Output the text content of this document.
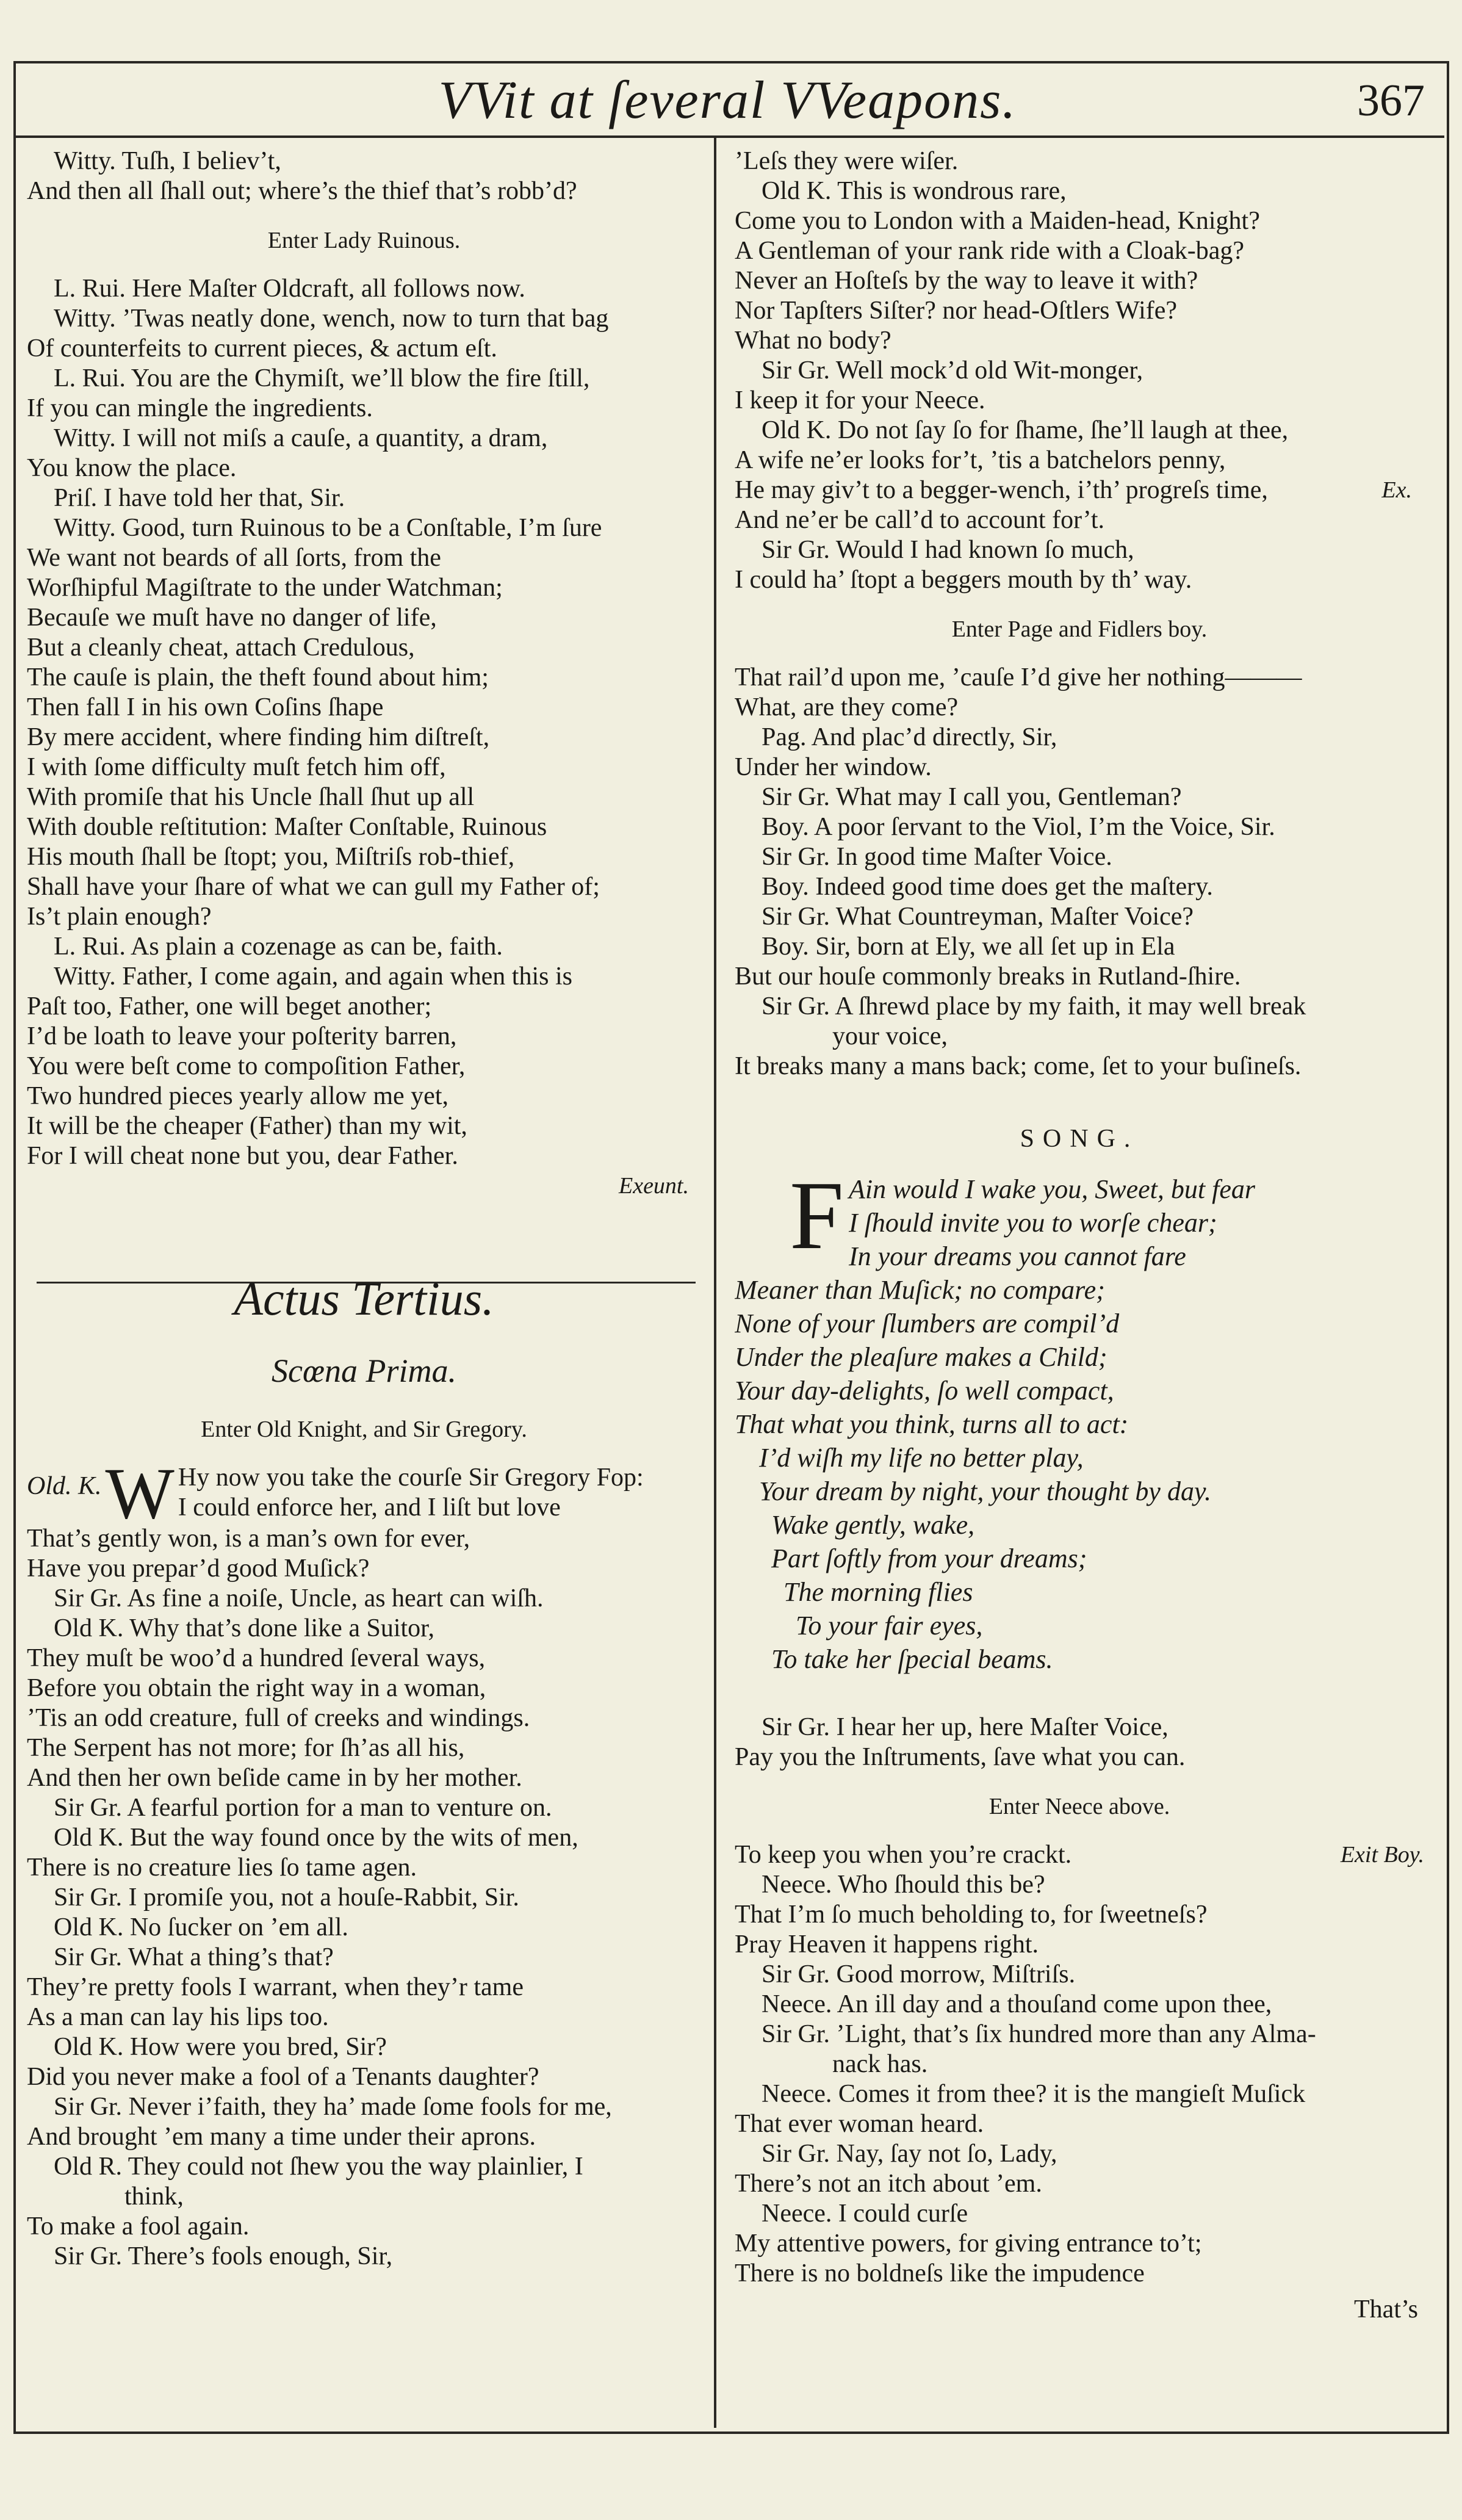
VVit at ſeveral VVeapons.	367
Witty. Tuſh, I believ’t,
And then all ſhall out; where’s the thief that’s robb’d?
Enter Lady Ruinous.
L. Rui. Here Maſter Oldcraft, all follows now.
Witty. ’Twas neatly done, wench, now to turn that bag
Of counterfeits to current pieces, & actum eſt.
L. Rui. You are the Chymiſt, we’ll blow the fire ſtill,
If you can mingle the ingredients.
Witty. I will not miſs a cauſe, a quantity, a dram,
You know the place.
Priſ. I have told her that, Sir.
Witty. Good, turn Ruinous to be a Conſtable, I’m ſure
We want not beards of all ſorts, from the
Worſhipful Magiſtrate to the under Watchman;
Becauſe we muſt have no danger of life,
But a cleanly cheat, attach Credulous,
The cauſe is plain, the theft found about him;
Then fall I in his own Coſins ſhape
By mere accident, where finding him diſtreſt,
I with ſome difficulty muſt fetch him off,
With promiſe that his Uncle ſhall ſhut up all
With double reſtitution: Maſter Conſtable, Ruinous
His mouth ſhall be ſtopt; you, Miſtriſs rob-thief,
Shall have your ſhare of what we can gull my Father of;
Is’t plain enough?
L. Rui. As plain a cozenage as can be, faith.
Witty. Father, I come again, and again when this is
Paſt too, Father, one will beget another;
I’d be loath to leave your poſterity barren,
You were beſt come to compoſition Father,
Two hundred pieces yearly allow me yet,
It will be the cheaper (Father) than my wit,
For I will cheat none but you, dear Father.
Exeunt.
Actus Tertius.
Scœna Prima.
Enter Old Knight, and Sir Gregory.
Old. K. W Hy now you take the courſe Sir Gregory Fop:
I could enforce her, and I liſt but love
That’s gently won, is a man’s own for ever,
Have you prepar’d good Muſick?
Sir Gr. As fine a noiſe, Uncle, as heart can wiſh.
Old K. Why that’s done like a Suitor,
They muſt be woo’d a hundred ſeveral ways,
Before you obtain the right way in a woman,
’Tis an odd creature, full of creeks and windings.
The Serpent has not more; for ſh’as all his,
And then her own beſide came in by her mother.
Sir Gr. A fearful portion for a man to venture on.
Old K. But the way found once by the wits of men,
There is no creature lies ſo tame agen.
Sir Gr. I promiſe you, not a houſe-Rabbit, Sir.
Old K. No ſucker on ’em all.
Sir Gr. What a thing’s that?
They’re pretty fools I warrant, when they’r tame
As a man can lay his lips too.
Old K. How were you bred, Sir?
Did you never make a fool of a Tenants daughter?
Sir Gr. Never i’faith, they ha’ made ſome fools for me,
And brought ’em many a time under their aprons.
Old R. They could not ſhew you the way plainlier, I
think,
To make a fool again.
Sir Gr. There’s fools enough, Sir,
’Leſs they were wiſer.
Old K. This is wondrous rare,
Come you to London with a Maiden-head, Knight?
A Gentleman of your rank ride with a Cloak-bag?
Never an Hoſteſs by the way to leave it with?
Nor Tapſters Siſter? nor head-Oſtlers Wife?
What no body?
Sir Gr. Well mock’d old Wit-monger,
I keep it for your Neece.
Old K. Do not ſay ſo for ſhame, ſhe’ll laugh at thee,
A wife ne’er looks for’t, ’tis a batchelors penny,
He may giv’t to a begger-wench, i’th’ progreſs time,
And ne’er be call’d to account for’t.
Sir Gr. Would I had known ſo much,
I could ha’ ſtopt a beggers mouth by th’ way.
Ex.
Enter Page and Fidlers boy.
That rail’d upon me, ’cauſe I’d give her nothing———
What, are they come?
Pag. And plac’d directly, Sir,
Under her window.
Sir Gr. What may I call you, Gentleman?
Boy. A poor ſervant to the Viol, I’m the Voice, Sir.
Sir Gr. In good time Maſter Voice.
Boy. Indeed good time does get the maſtery.
Sir Gr. What Countreyman, Maſter Voice?
Boy. Sir, born at Ely, we all ſet up in Ela
But our houſe commonly breaks in Rutland-ſhire.
Sir Gr. A ſhrewd place by my faith, it may well break
your voice,
It breaks many a mans back; come, ſet to your buſineſs.
SONG.
F Ain would I wake you, Sweet, but fear
I ſhould invite you to worſe chear;
In your dreams you cannot fare
Meaner than Muſick; no compare;
None of your ſlumbers are compil’d
Under the pleaſure makes a Child;
Your day-delights, ſo well compact,
That what you think, turns all to act:
I’d wiſh my life no better play,
Your dream by night, your thought by day.
Wake gently, wake,
Part ſoftly from your dreams;
The morning flies
To your fair eyes,
To take her ſpecial beams.
Sir Gr. I hear her up, here Maſter Voice,
Pay you the Inſtruments, ſave what you can.
Enter Neece above.
To keep you when you’re crackt.	Exit Boy.
Neece. Who ſhould this be?
That I’m ſo much beholding to, for ſweetneſs?
Pray Heaven it happens right.
Sir Gr. Good morrow, Miſtriſs.
Neece. An ill day and a thouſand come upon thee,
Sir Gr. ’Light, that’s ſix hundred more than any Alma-
nack has.
Neece. Comes it from thee? it is the mangieſt Muſick
That ever woman heard.
Sir Gr. Nay, ſay not ſo, Lady,
There’s not an itch about ’em.
Neece. I could curſe
My attentive powers, for giving entrance to’t;
There is no boldneſs like the impudence
That’s
